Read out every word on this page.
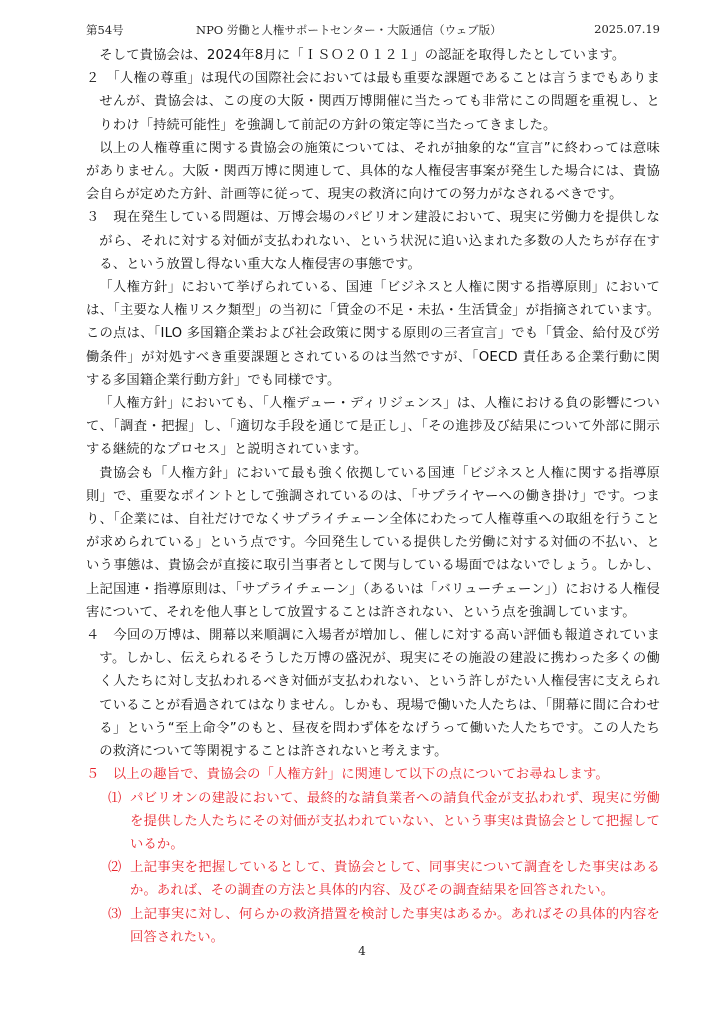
第54号	NPO 労働と人権サポートセンター・大阪通信（ウェブ版）	2025.07.19

そして貴協会は、2024年8月に「ＩＳＯ２０１２１」の認証を取得したとしています。

２　「人権の尊重」は現代の国際社会においては最も重要な課題であることは言うまでもありませんが、貴協会は、この度の大阪・関西万博開催に当たっても非常にこの問題を重視し、とりわけ「持続可能性」を強調して前記の方針の策定等に当たってきました。

以上の人権尊重に関する貴協会の施策については、それが抽象的な“宣言”に終わっては意味がありません。大阪・関西万博に関連して、具体的な人権侵害事案が発生した場合には、貴協会自らが定めた方針、計画等に従って、現実の救済に向けての努力がなされるべきです。

３　現在発生している問題は、万博会場のパビリオン建設において、現実に労働力を提供しながら、それに対する対価が支払われない、という状況に追い込まれた多数の人たちが存在する、という放置し得ない重大な人権侵害の事態です。

「人権方針」において挙げられている、国連「ビジネスと人権に関する指導原則」においては、「主要な人権リスク類型」の当初に「賃金の不足・未払・生活賃金」が指摘されています。この点は、「ILO 多国籍企業および社会政策に関する原則の三者宣言」でも「賃金、給付及び労働条件」が対処すべき重要課題とされているのは当然ですが、「OECD 責任ある企業行動に関する多国籍企業行動方針」でも同様です。

「人権方針」においても、「人権デュー・ディリジェンス」は、人権における負の影響について、「調査・把握」し、「適切な手段を通じて是正し」、「その進捗及び結果について外部に開示する継続的なプロセス」と説明されています。

貴協会も「人権方針」において最も強く依拠している国連「ビジネスと人権に関する指導原則」で、重要なポイントとして強調されているのは、「サプライヤーへの働き掛け」です。つまり、「企業には、自社だけでなくサプライチェーン全体にわたって人権尊重への取組を行うことが求められている」という点です。今回発生している提供した労働に対する対価の不払い、という事態は、貴協会が直接に取引当事者として関与している場面ではないでしょう。しかし、上記国連・指導原則は、「サプライチェーン」（あるいは「バリューチェーン」）における人権侵害について、それを他人事として放置することは許されない、という点を強調しています。

４　今回の万博は、開幕以来順調に入場者が増加し、催しに対する高い評価も報道されています。しかし、伝えられるそうした万博の盛況が、現実にその施設の建設に携わった多くの働く人たちに対し支払われるべき対価が支払われない、という許しがたい人権侵害に支えられていることが看過されてはなりません。しかも、現場で働いた人たちは、「開幕に間に合わせる」という“至上命令”のもと、昼夜を問わず体をなげうって働いた人たちです。この人たちの救済について等閑視することは許されないと考えます。

５　以上の趣旨で、貴協会の「人権方針」に関連して以下の点についてお尋ねします。

⑴ パビリオンの建設において、最終的な請負業者への請負代金が支払われず、現実に労働を提供した人たちにその対価が支払われていない、という事実は貴協会として把握しているか。

⑵ 上記事実を把握しているとして、貴協会として、同事実について調査をした事実はあるか。あれば、その調査の方法と具体的内容、及びその調査結果を回答されたい。

⑶ 上記事実に対し、何らかの救済措置を検討した事実はあるか。あればその具体的内容を回答されたい。

4
